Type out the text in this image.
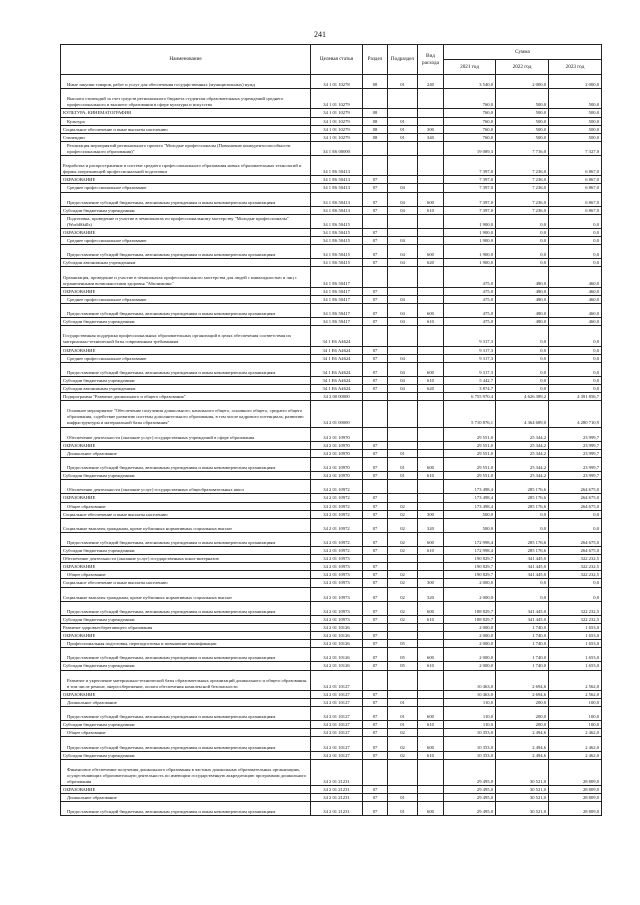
241
Наименование	Целевая статья	Раздел	Подраздел	Вид расхода	Сумма		
					2021 год	2022 год	2023 год
Иные закупки товаров, работ и услуг для обеспечения государственных (муниципальных) нужд	34 1 01 10278	08	01	240	3 540,0	2 000,0	2 000,0
Выплата стипендий за счет средств регионального бюджета студентам образовательных учреждений среднего профессионального и высшего образования в сфере культуры и искусства	34 1 01 10279				760,0	500,0	500,0
КУЛЬТУРА, КИНЕМАТОГРАФИЯ	34 1 01 10279	08			760,0	500,0	500,0
Культура	34 1 01 10279	08	01		760,0	500,0	500,0
Социальное обеспечение и иные выплаты населению	34 1 01 10279	08	01	300	760,0	500,0	500,0
Стипендии	34 1 01 10279	08	01	340	760,0	500,0	500,0
Реализация мероприятий регионального проекта "Молодые профессионалы (Повышение конкурентоспособности профессионального образования)"	34 1 Е6 00000				19 089,3	7 716,0	7 327,0
Разработка и распространение в системе среднего профессионального образования новых образовательных технологий и формы опережающей профессиональной подготовки	34 1 Е6 50413				7 397,0	7 236,0	6 867,0
ОБРАЗОВАНИЕ	34 1 Е6 50413	07			7 397,0	7 236,0	6 867,0
Среднее профессиональное образование	34 1 Е6 50413	07	04		7 397,0	7 236,0	6 867,0
Предоставление субсидий бюджетным, автономным учреждениям и иным некоммерческим организациям	34 1 Е6 50413	07	04	600	7 397,0	7 236,0	6 867,0
Субсидии бюджетным учреждениям	34 1 Е6 50413	07	04	610	7 397,0	7 236,0	6 867,0
Подготовка, проведение и участие в чемпионатах по профессиональному мастерству "Молодые профессионалы" (WorldSkills)	34 1 Е6 50415				1 900,0	0,0	0,0
ОБРАЗОВАНИЕ	34 1 Е6 50415	07			1 900,0	0,0	0,0
Среднее профессиональное образование	34 1 Е6 50415	07	04		1 900,0	0,0	0,0
Предоставление субсидий бюджетным, автономным учреждениям и иным некоммерческим организациям	34 1 Е6 50415	07	04	600	1 900,0	0,0	0,0
Субсидии автономным учреждениям	34 1 Е6 50415	07	04	620	1 900,0	0,0	0,0
Организация, проведение и участие в чемпионатах профессионального мастерства для людей с инвалидностью и лиц с ограниченными возможностями здоровья "Абилимпикс"	34 1 Е6 50417				475,0	480,0	460,0
ОБРАЗОВАНИЕ	34 1 Е6 50417	07			475,0	480,0	460,0
Среднее профессиональное образование	34 1 Е6 50417	07	04		475,0	480,0	460,0
Предоставление субсидий бюджетным, автономным учреждениям и иным некоммерческим организациям	34 1 Е6 50417	07	04	600	475,0	480,0	460,0
Субсидии бюджетным учреждениям	34 1 Е6 50417	07	04	610	475,0	480,0	460,0
Государственная поддержка профессиональных образовательных организаций в целях обеспечения соответствия их материально-технической базы современным требованиям	34 1 Е6 А4624				9 317,3	0,0	0,0
ОБРАЗОВАНИЕ	34 1 Е6 А4624	07			9 317,3	0,0	0,0
Среднее профессиональное образование	34 1 Е6 А4624	07	04		9 317,3	0,0	0,0
Предоставление субсидий бюджетным, автономным учреждениям и иным некоммерческим организациям	34 1 Е6 А4624	07	04	600	9 317,3	0,0	0,0
Субсидии бюджетным учреждениям	34 1 Е6 А4624	07	04	610	5 442,7	0,0	0,0
Субсидии автономным учреждениям	34 1 Е6 А4624	07	04	620	3 874,7	0,0	0,0
Подпрограмма "Развитие дошкольного и общего образования"	34 2 00 00000				6 755 970,4	4 626 389,2	4 391 856,7
Основное мероприятие "Обеспечение получения дошкольного, начального общего, основного общего, среднего общего образования, содействие развитию системы дополнительного образования, в том числе кадрового потенциала, развитию инфраструктуры и материальной базы образования"	34 2 01 00000				5 710 876,1	4 364 689,0	4 280 710,9
Обеспечение деятельности (оказание услуг) государственных учреждений в сфере образования	34 2 01 10970				29 551,0	25 344,2	23 999,7
ОБРАЗОВАНИЕ	34 2 01 10970	07			29 551,0	25 344,2	23 999,7
Дошкольное образование	34 2 01 10970	07	01		29 551,0	25 344,2	23 999,7
Предоставление субсидий бюджетным, автономным учреждениям и иным некоммерческим организациям	34 2 01 10970	07	01	600	29 551,0	25 344,2	23 999,7
Субсидии бюджетным учреждениям	34 2 01 10970	07	01	610	29 551,0	25 344,2	23 999,7
Обеспечение деятельности (оказание услуг) государственных общеобразовательных школ	34 2 01 10972				173 498,4	285 176,6	264 675,0
ОБРАЗОВАНИЕ	34 2 01 10972	07			173 498,4	285 176,6	264 675,0
Общее образование	34 2 01 10972	07	02		173 498,4	285 176,6	264 675,0
Социальное обеспечение и иные выплаты населению	34 2 01 10972	07	02	300	500,0	0,0	0,0
Социальные выплаты гражданам, кроме публичных нормативных социальных выплат	34 2 01 10972	07	02	320	500,0	0,0	0,0
Предоставление субсидий бюджетным, автономным учреждениям и иным некоммерческим организациям	34 2 01 10972	07	02	600	172 998,4	285 176,6	264 675,0
Субсидии бюджетным учреждениям	34 2 01 10972	07	02	610	172 998,4	285 176,6	264 675,0
Обеспечение деятельности (оказание услуг) государственных школ-интернатов	34 2 01 10973				190 829,7	341 445,0	322 232,5
ОБРАЗОВАНИЕ	34 2 01 10973	07			190 829,7	341 445,0	322 232,5
Общее образование	34 2 01 10973	07	02		190 829,7	341 445,0	322 232,5
Социальное обеспечение и иные выплаты населению	34 2 01 10973	07	02	300	2 000,0	0,0	0,0
Социальные выплаты гражданам, кроме публичных нормативных социальных выплат	34 2 01 10973	07	02	320	2 000,0	0,0	0,0
Предоставление субсидий бюджетным, автономным учреждениям и иным некоммерческим организациям	34 2 01 10973	07	02	600	188 829,7	341 445,0	322 232,5
Субсидии бюджетным учреждениям	34 2 01 10973	07	02	610	188 829,7	341 445,0	322 232,5
Развитие здоровьесберегающего образования	34 2 01 10126				2 000,0	1 740,0	1 653,0
ОБРАЗОВАНИЕ	34 2 01 10126	07			2 000,0	1 740,0	1 653,0
Профессиональная подготовка, переподготовка и повышение квалификации	34 2 01 10126	07	05		2 000,0	1 740,0	1 653,0
Предоставление субсидий бюджетным, автономным учреждениям и иным некоммерческим организациям	34 2 01 10126	07	05	600	2 000,0	1 740,0	1 653,0
Субсидии бюджетным учреждениям	34 2 01 10126	07	05	610	2 000,0	1 740,0	1 653,0
Развитие и укрепление материально-технической базы образовательных организаций дошкольного и общего образования, в том числе ремонт, энергосбережение, оплата обеспечения комплексной безопасности	34 2 01 10127				10 463,0	2 694,6	2 562,0
ОБРАЗОВАНИЕ	34 2 01 10127	07			10 463,0	2 694,6	2 562,0
Дошкольное образование	34 2 01 10127	07	01		110,0	200,0	100,0
Предоставление субсидий бюджетным, автономным учреждениям и иным некоммерческим организациям	34 2 01 10127	07	01	600	110,0	200,0	100,0
Субсидии бюджетным учреждениям	34 2 01 10127	07	01	610	110,0	200,0	100,0
Общее образование	34 2 01 10127	07	02		10 353,0	2 494,6	2 462,0
Предоставление субсидий бюджетным, автономным учреждениям и иным некоммерческим организациям	34 2 01 10127	07	02	600	10 353,0	2 494,6	2 462,0
Субсидии бюджетным учреждениям	34 2 01 10127	07	02	610	10 353,0	2 494,6	2 462,0
Финансовое обеспечение получения дошкольного образования в частных дошкольных образовательных организациях, осуществляющих образовательную деятельность по имеющим государственную аккредитацию программам дошкольного образования	34 2 01 21231				29 495,0	30 521,0	28 809,0
ОБРАЗОВАНИЕ	34 2 01 21231	07			29 495,0	30 521,0	28 809,0
Дошкольное образование	34 2 01 21231	07	01		29 495,0	30 521,0	28 809,0
Предоставление субсидий бюджетным, автономным учреждениям и иным некоммерческим организациям	34 2 01 21231	07	01	600	29 495,0	30 521,0	28 809,0
